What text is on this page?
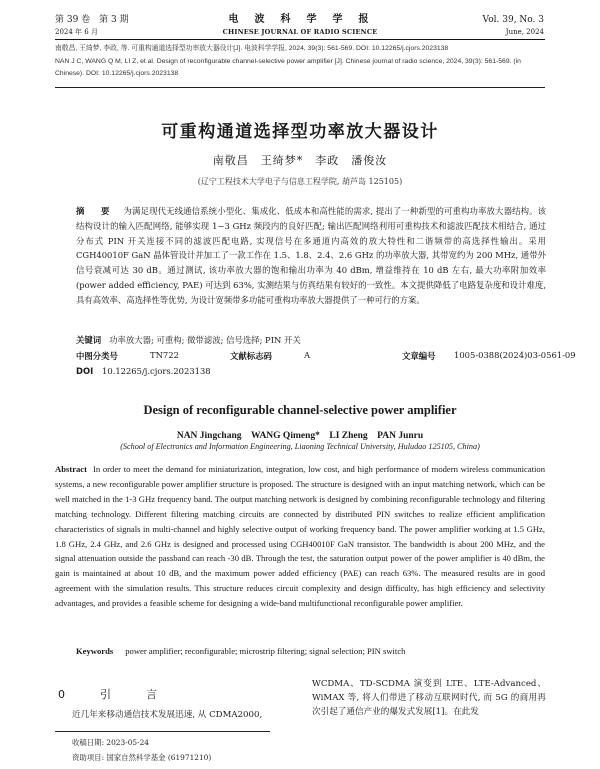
第 39 卷　第 3 期
2024 年 6 月
电　波　科　学　学　报
CHINESE JOURNAL OF RADIO SCIENCE
Vol. 39, No. 3
June, 2024
南敬昌, 王绮梦, 李政, 等. 可重构通道选择型功率放大器设计[J]. 电波科学学报, 2024, 39(3): 561-569. DOI: 10.12265/j.cjors.2023138
NAN J C, WANG Q M, LI Z, et al. Design of reconfigurable channel-selective power amplifier [J]. Chinese journal of radio science, 2024, 39(3): 561-569. (in
Chinese). DOI: 10.12265/j.cjors.2023138
可重构通道选择型功率放大器设计
南敬昌　王绮梦*　李政　潘俊汝
(辽宁工程技术大学电子与信息工程学院, 葫芦岛 125105)
摘　要 为满足现代无线通信系统小型化、集成化、低成本和高性能的需求, 提出了一种新型的可重构功率放大器结构。该结构设计的输入匹配网络, 能够实现 1~3 GHz 频段内的良好匹配; 输出匹配网络利用可重构技术和滤波匹配技术相结合, 通过分布式 PIN 开关连接不同的滤波匹配电路, 实现信号在多通道内高效的放大特性和二谐频带的高选择性输出。采用 CGH40010F GaN 晶体管设计并加工了一款工作在 1.5、1.8、2.4、2.6 GHz 的功率放大器, 其带宽约为 200 MHz, 通带外信号衰减可达 30 dB。通过测试, 该功率放大器的饱和输出功率为 40 dBm, 增益维持在 10 dB 左右, 最大功率附加效率 (power added efficiency, PAE) 可达到 63%, 实测结果与仿真结果有较好的一致性。本文提供降低了电路复杂度和设计难度, 具有高效率、高选择性等优势, 为设计宽频带多功能可重构功率放大器提供了一种可行的方案。
关键词 功率放大器; 可重构; 微带滤波; 信号选择; PIN 开关
中图分类号	TN722	文献标志码	A	文章编号 1005-0388(2024)03-0561-09
DOI 10.12265/j.cjors.2023138
Design of reconfigurable channel-selective power amplifier
NAN Jingchang　WANG Qimeng*　LI Zheng　PAN Junru
(School of Electronics and Information Engineering, Liaoning Technical University, Huludao 125105, China)
Abstract In order to meet the demand for miniaturization, integration, low cost, and high performance of modern wireless communication systems, a new reconfigurable power amplifier structure is proposed. The structure is designed with an input matching network, which can be well matched in the 1-3 GHz frequency band. The output matching network is designed by combining reconfigurable technology and filtering matching technology. Different filtering matching circuits are connected by distributed PIN switches to realize efficient amplification characteristics of signals in multi-channel and highly selective output of working frequency band. The power amplifier working at 1.5 GHz, 1.8 GHz, 2.4 GHz, and 2.6 GHz is designed and processed using CGH40010F GaN transistor. The bandwidth is about 200 MHz, and the signal attenuation outside the passband can reach -30 dB. Through the test, the saturation output power of the power amplifier is 40 dBm, the gain is maintained at about 10 dB, and the maximum power added efficiency (PAE) can reach 63%. The measured results are in good agreement with the simulation results. This structure reduces circuit complexity and design difficulty, has high efficiency and selectivity advantages, and provides a feasible scheme for designing a wide-band multifunctional reconfigurable power amplifier.
Keywords power amplifier; reconfigurable; microstrip filtering; signal selection; PIN switch
0　引　言
近几年来移动通信技术发展迅速, 从 CDMA2000,
WCDMA、TD-SCDMA 演变到 LTE、LTE-Advanced、WiMAX 等, 将人们带进了移动互联网时代, 而 5G 的商用再次引起了通信产业的爆发式发展[1]。在此发
收稿日期: 2023-05-24
资助项目: 国家自然科学基金 (61971210)
